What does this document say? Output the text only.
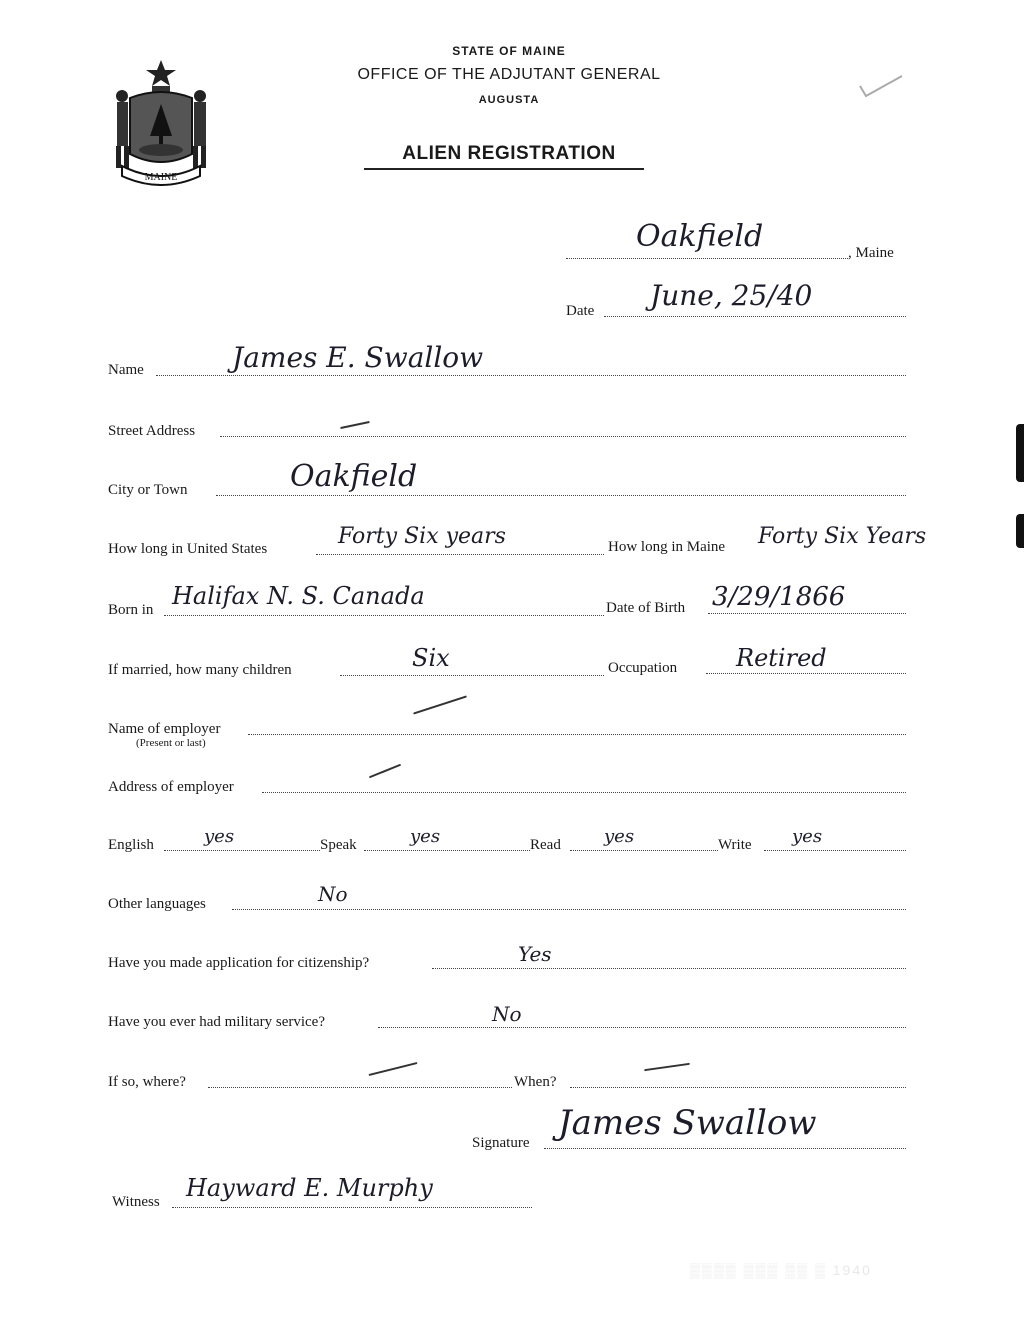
MAINE
STATE OF MAINE
OFFICE OF THE ADJUTANT GENERAL
AUGUSTA
ALIEN REGISTRATION
Oakfield	, Maine
Date June, 25/40
Name	James E. Swallow
Street Address
City or Town	Oakfield
How long in United States	Forty Six years	How long in Maine Forty Six Years
Born in Halifax N. S. Canada	Date of Birth 3/29/1866
If married, how many children	Six	Occupation Retired
Name of employer
(Present or last)
Address of employer
English	yes	Speak	yes	Read yes	Write yes
Other languages	No
Have you made application for citizenship?	Yes
Have you ever had military service?	No
If so, where?	When?
Signature James Swallow
Witness Hayward E. Murphy
▒▒▒▒ ▒▒▒ ▒▒ ▒ 1940
